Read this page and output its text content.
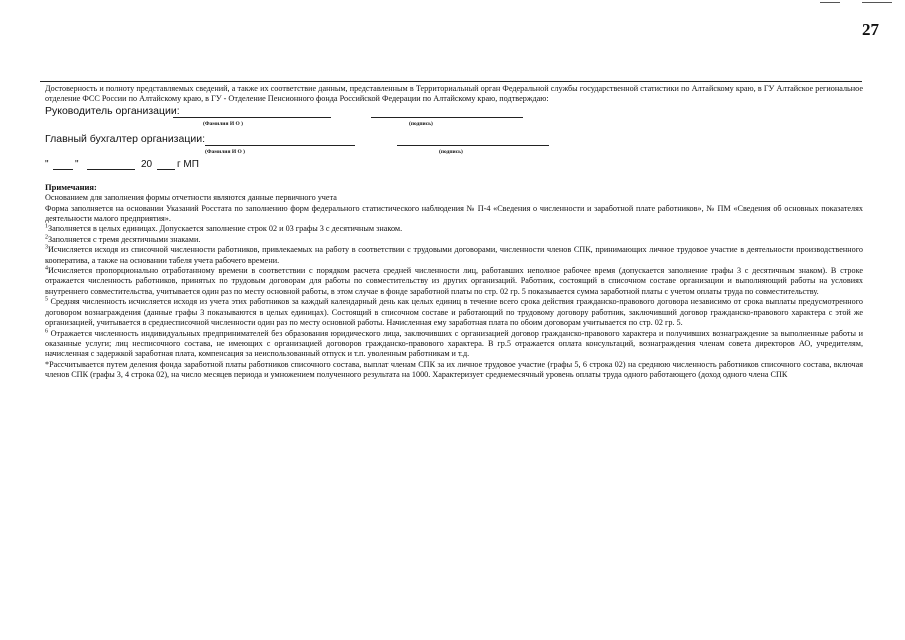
27

Достоверность и полноту представляемых сведений, а также их соответствие данным, представленным в Территориальный орган Федеральной службы государственной статистики по Алтайскому краю, в ГУ Алтайское региональное отделение ФСС России по Алтайскому краю, в ГУ - Отделение Пенсионного фонда Российской Федерации по Алтайскому краю, подтверждаю:

Руководитель организации:
(Фамилия И О )	(подпись)
Главный бухгалтер организации:
(Фамилия И О )	(подпись)
"	"	20 г МП
Примечания:

Основанием для заполнения формы отчетности являются данные первичного учета

Форма заполняется на основании Указаний Росстата по заполнению форм федерального статистического наблюдения № П-4 «Сведения о численности и заработной плате работников», № ПМ «Сведения об основных показателях деятельности малого предприятия».

$^1$Заполняется в целых единицах. Допускается заполнение строк 02 и 03 графы 3 с десятичным знаком.

$^2$Заполняется с тремя десятичными знаками.

$^3$Исчисляется исходя из списочной численности работников, привлекаемых на работу в соответствии с трудовыми договорами, численности членов СПК, принимающих личное трудовое участие в деятельности производственного кооператива, а также на основании табеля учета рабочего времени.

$^4$Исчисляется пропорционально отработанному времени в соответствии с порядком расчета средней численности лиц, работавших неполное рабочее время (допускается заполнение графы 3 с десятичным знаком). В строке отражается численность работников, принятых по трудовым договорам для работы по совместительству из других организаций. Работник, состоящий в списочном составе организации и выполняющий работы на условиях внутреннего совместительства, учитывается один раз по месту основной работы, в этом случае в фонде заработной платы по стр. 02 гр. 5 показывается сумма заработной платы с учетом оплаты труда по совместительству.

$^5$ Средняя численность исчисляется исходя из учета этих работников за каждый календарный день как целых единиц в течение всего срока действия гражданско-правового договора независимо от срока выплаты предусмотренного договором вознаграждения (данные графы 3 показываются в целых единицах). Состоящий в списочном составе и работающий по трудовому договору работник, заключивший договор гражданско-правового характера с этой же организацией, учитывается в среднесписочной численности один раз по месту основной работы. Начисленная ему заработная плата по обоим договорам учитывается по стр. 02 гр. 5.

$^6$ Отражается численность индивидуальных предпринимателей без образования юридического лица, заключивших с организацией договор гражданско-правового характера и получивших вознаграждение за выполненные работы и оказанные услуги; лиц несписочного состава, не имеющих с организацией договоров гражданско-правового характера. В гр.5 отражается оплата консультаций, вознаграждения членам совета директоров АО, учредителям, начисленная с задержкой заработная плата, компенсация за неиспользованный отпуск и т.п. уволенным работникам и т.д.

*Рассчитывается путем деления фонда заработной платы работников списочного состава, выплат членам СПК за их личное трудовое участие (графы 5, 6 строка 02) на среднюю численность работников списочного состава, включая членов СПК (графы 3, 4 строка 02), на число месяцев периода и умножением полученного результата на 1000. Характеризует среднемесячный уровень оплаты труда одного работающего (доход одного члена СПК
